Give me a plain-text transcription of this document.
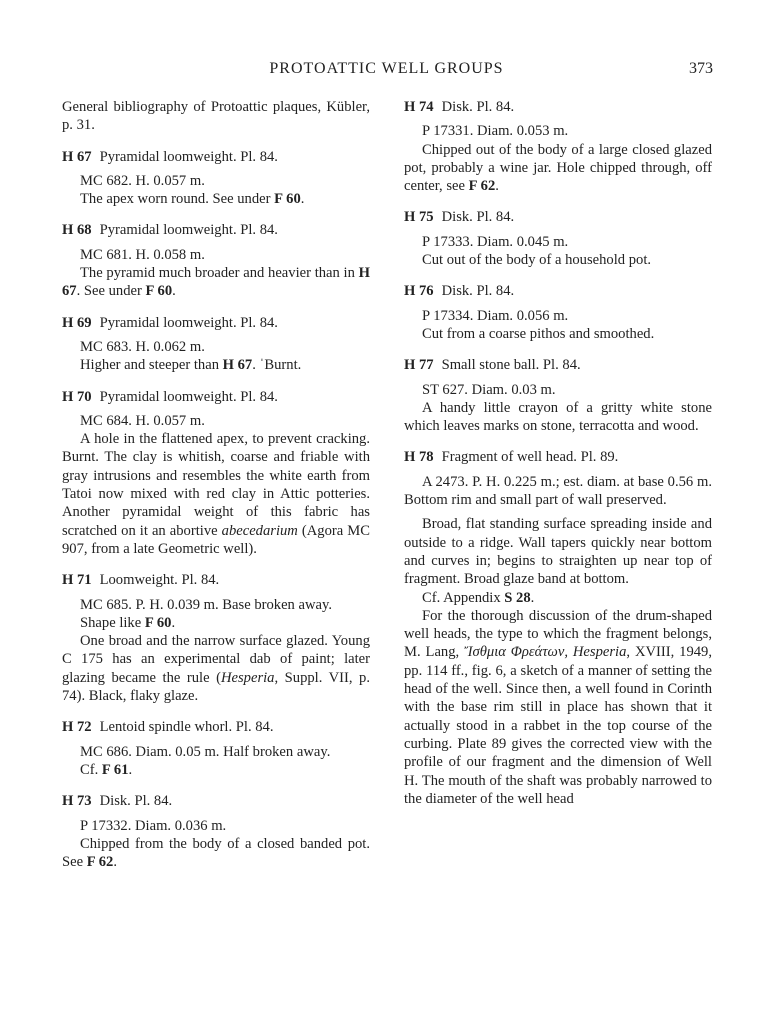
PROTOATTIC WELL GROUPS	373

General bibliography of Protoattic plaques, Kübler, p. 31.

H 67 Pyramidal loomweight. Pl. 84.

MC 682. H. 0.057 m.

The apex worn round. See under F 60.

H 68 Pyramidal loomweight. Pl. 84.

MC 681. H. 0.058 m.

The pyramid much broader and heavier than in H 67. See under F 60.

H 69 Pyramidal loomweight. Pl. 84.

MC 683. H. 0.062 m.

Higher and steeper than H 67. ˈBurnt.

H 70 Pyramidal loomweight. Pl. 84.

MC 684. H. 0.057 m.

A hole in the flattened apex, to prevent cracking. Burnt. The clay is whitish, coarse and friable with gray intrusions and resembles the white earth from Tatoi now mixed with red clay in Attic potteries. Another pyramidal weight of this fabric has scratched on it an abortive abecedarium (Agora MC 907, from a late Geometric well).

H 71 Loomweight. Pl. 84.

MC 685. P. H. 0.039 m. Base broken away.

Shape like F 60.

One broad and the narrow surface glazed. Young C 175 has an experimental dab of paint; later glazing became the rule (Hesperia, Suppl. VII, p. 74). Black, flaky glaze.

H 72 Lentoid spindle whorl. Pl. 84.

MC 686. Diam. 0.05 m. Half broken away.

Cf. F 61.

H 73 Disk. Pl. 84.

P 17332. Diam. 0.036 m.

Chipped from the body of a closed banded pot. See F 62.

H 74 Disk. Pl. 84.

P 17331. Diam. 0.053 m.

Chipped out of the body of a large closed glazed pot, probably a wine jar. Hole chipped through, off center, see F 62.

H 75 Disk. Pl. 84.

P 17333. Diam. 0.045 m.

Cut out of the body of a household pot.

H 76 Disk. Pl. 84.

P 17334. Diam. 0.056 m.

Cut from a coarse pithos and smoothed.

H 77 Small stone ball. Pl. 84.

ST 627. Diam. 0.03 m.

A handy little crayon of a gritty white stone which leaves marks on stone, terracotta and wood.

H 78 Fragment of well head. Pl. 89.

A 2473. P. H. 0.225 m.; est. diam. at base 0.56 m. Bottom rim and small part of wall preserved.

Broad, flat standing surface spreading inside and outside to a ridge. Wall tapers quickly near bottom and curves in; begins to straighten up near top of fragment. Broad glaze band at bottom.

Cf. Appendix S 28.

For the thorough discussion of the drum-shaped well heads, the type to which the fragment belongs, M. Lang, Ἴσθμια Φρεάτων, Hesperia, XVIII, 1949, pp. 114 ff., fig. 6, a sketch of a manner of setting the head of the well. Since then, a well found in Corinth with the base rim still in place has shown that it actually stood in a rabbet in the top course of the curbing. Plate 89 gives the corrected view with the profile of our fragment and the dimension of Well H. The mouth of the shaft was probably narrowed to the diameter of the well head
